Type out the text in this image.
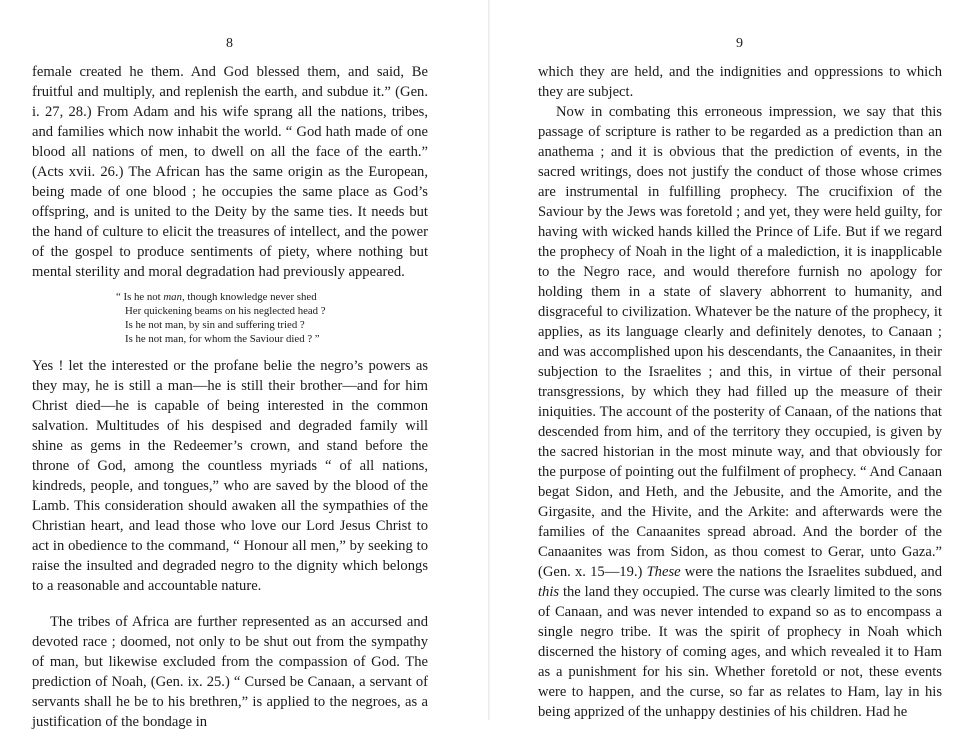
8

female created he them. And God blessed them, and said, Be fruitful and multiply, and replenish the earth, and subdue it.” (Gen. i. 27, 28.) From Adam and his wife sprang all the nations, tribes, and families which now inhabit the world. “ God hath made of one blood all nations of men, to dwell on all the face of the earth.” (Acts xvii. 26.) The African has the same origin as the European, being made of one blood ; he occupies the same place as God’s offspring, and is united to the Deity by the same ties. It needs but the hand of culture to elicit the treasures of intellect, and the power of the gospel to produce sentiments of piety, where nothing but mental sterility and moral degradation had previously appeared.

“ Is he not man, though knowledge never shed
Her quickening beams on his neglected head ?
Is he not man, by sin and suffering tried ?
Is he not man, for whom the Saviour died ? ”

Yes ! let the interested or the profane belie the negro’s powers as they may, he is still a man—he is still their brother—and for him Christ died—he is capable of being interested in the common salvation. Multitudes of his despised and degraded family will shine as gems in the Redeemer’s crown, and stand before the throne of God, among the countless myriads “ of all nations, kindreds, people, and tongues,” who are saved by the blood of the Lamb. This consideration should awaken all the sympathies of the Christian heart, and lead those who love our Lord Jesus Christ to act in obedience to the command, “ Honour all men,” by seeking to raise the insulted and degraded negro to the dignity which belongs to a reasonable and accountable nature.

The tribes of Africa are further represented as an accursed and devoted race ; doomed, not only to be shut out from the sympathy of man, but likewise excluded from the compassion of God. The prediction of Noah, (Gen. ix. 25.) “ Cursed be Canaan, a servant of servants shall he be to his brethren,” is applied to the negroes, as a justification of the bondage in

9

which they are held, and the indignities and oppressions to which they are subject.

Now in combating this erroneous impression, we say that this passage of scripture is rather to be regarded as a prediction than an anathema ; and it is obvious that the prediction of events, in the sacred writings, does not justify the conduct of those whose crimes are instrumental in fulfilling prophecy. The crucifixion of the Saviour by the Jews was foretold ; and yet, they were held guilty, for having with wicked hands killed the Prince of Life. But if we regard the prophecy of Noah in the light of a malediction, it is inapplicable to the Negro race, and would therefore furnish no apology for holding them in a state of slavery abhorrent to humanity, and disgraceful to civilization. Whatever be the nature of the prophecy, it applies, as its language clearly and definitely denotes, to Canaan ; and was accomplished upon his descendants, the Canaanites, in their subjection to the Israelites ; and this, in virtue of their personal transgressions, by which they had filled up the measure of their iniquities. The account of the posterity of Canaan, of the nations that descended from him, and of the territory they occupied, is given by the sacred historian in the most minute way, and that obviously for the purpose of pointing out the fulfilment of prophecy. “ And Canaan begat Sidon, and Heth, and the Jebusite, and the Amorite, and the Girgasite, and the Hivite, and the Arkite: and afterwards were the families of the Canaanites spread abroad. And the border of the Canaanites was from Sidon, as thou comest to Gerar, unto Gaza.” (Gen. x. 15—19.) These were the nations the Israelites subdued, and this the land they occupied. The curse was clearly limited to the sons of Canaan, and was never intended to expand so as to encompass a single negro tribe. It was the spirit of prophecy in Noah which discerned the history of coming ages, and which revealed it to Ham as a punishment for his sin. Whether foretold or not, these events were to happen, and the curse, so far as relates to Ham, lay in his being apprized of the unhappy destinies of his children. Had he
